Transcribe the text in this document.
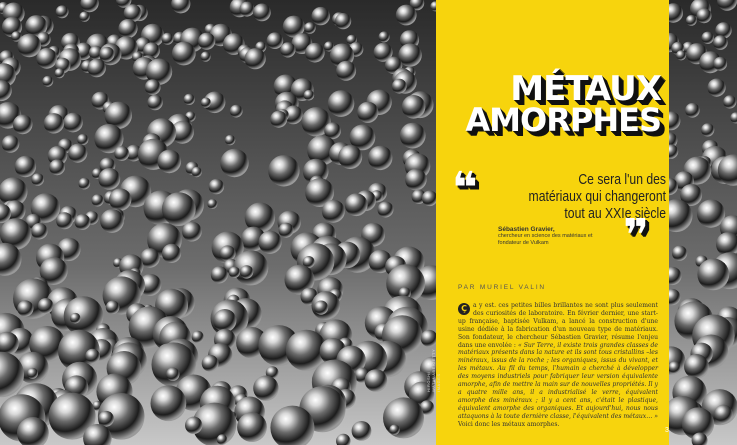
MÉTAUX
AMORPHES
❝	Ce sera l'un des matériaux qui changeront tout au XXIe siècle
❞
Sébastien Gravier,
chercheur en science des matériaux et fondateur de Vulkam
PAR MURIEL VALIN
Ç a y est. ces petites billes brillantes ne sont plus seulement des curiosités de laboratoire. En février dernier, une start-up française, baptisée Vulkam, a lancé la construction d'une usine dédiée à la fabrication d'un nouveau type de matériaux. Son fondateur, le chercheur Sébastien Gravier, résume l'enjeu dans une envolée : « Sur Terre, il existe trois grandes classes de matériaux présents dans la nature et ils sont tous cristallins –les minéraux, issus de la roche ; les organiques, issus du vivant, et les métaux. Au fil du temps, l'humain a cherché à développer des moyens industriels pour fabriquer leur version équivalente amorphe, afin de mettre la main sur de nouvelles propriétés. Il y a quatre mille ans, il a industrialisé le verre, équivalent amorphe des minéraux ; il y a cent ans, c'était le plastique, équivalent amorphe des organiques. Et aujourd'hui, nous nous attaquons à la toute dernière classe, l'équivalent des métaux… » Voici donc les métaux amorphes.
HIROSHI WATANABE/GETTY IMAGES
3
